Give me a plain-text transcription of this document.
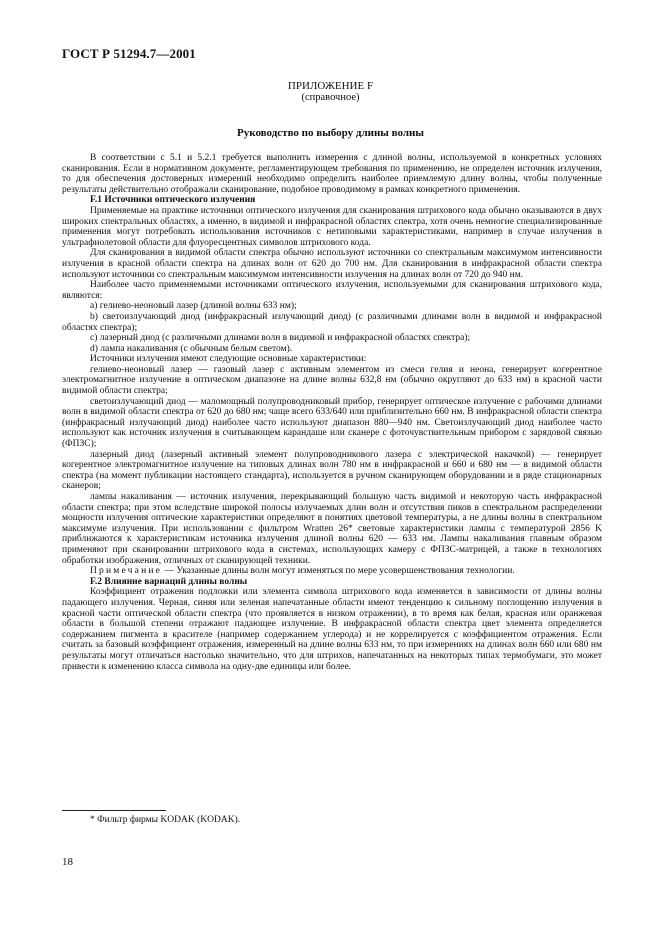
ГОСТ Р 51294.7—2001
ПРИЛОЖЕНИЕ F
(справочное)
Руководство по выбору длины волны

В соответствии с 5.1 и 5.2.1 требуется выполнить измерения с длиной волны, используемой в конкретных условиях сканирования. Если в нормативном документе, регламентирующем требования по применению, не определен источник излучения, то для обеспечения достоверных измерений необходимо определить наиболее приемлемую длину волны, чтобы полученные результаты действительно отображали сканирование, подобное проводимому в рамках конкретного применения.

F.1 Источники оптического излучения

Применяемые на практике источники оптического излучения для сканирования штрихового кода обычно оказываются в двух широких спектральных областях, а именно, в видимой и инфракрасной областях спектра, хотя очень немногие специализированные применения могут потребовать использования источников с нетиповыми характеристиками, например в случае излучения в ультрафиолетовой области для флуоресцентных символов штрихового кода.

Для сканирования в видимой области спектра обычно используют источники со спектральным максимумом интенсивности излучения в красной области спектра на длинах волн от 620 до 700 нм. Для сканирования в инфракрасной области спектра используют источники со спектральным максимумом интенсивности излучения на длинах волн от 720 до 940 нм.

Наиболее часто применяемыми источниками оптического излучения, используемыми для сканирования штрихового кода, являются:

a) гелиево-неоновый лазер (длиной волны 633 нм);

b) светоизлучающий диод (инфракрасный излучающий диод) (с различными длинами волн в видимой и инфракрасной областях спектра);

c) лазерный диод (с различными длинами волн в видимой и инфракрасной областях спектра);

d) лампа накаливания (с обычным белым светом).

Источники излучения имеют следующие основные характеристики:

гелиево-неоновый лазер — газовый лазер с активным элементом из смеси гелия и неона, генерирует когерентное электромагнитное излучение в оптическом диапазоне на длине волны 632,8 нм (обычно округляют до 633 нм) в красной части видимой области спектра;

светоизлучающий диод — маломощный полупроводниковый прибор, генерирует оптическое излучение с рабочими длинами волн в видимой области спектра от 620 до 680 нм; чаще всего 633/640 или приблизительно 660 нм. В инфракрасной области спектра (инфракрасный излучающий диод) наиболее часто используют диапазон 880—940 нм. Светоизлучающий диод наиболее часто используют как источник излучения в считывающем карандаше или сканере с фоточувствительным прибором с зарядовой связью (ФПЗС);

лазерный диод (лазерный активный элемент полупроводникового лазера с электрической накачкой) — генерирует когерентное электромагнитное излучение на типовых длинах волн 780 нм в инфракрасной и 660 и 680 нм — в видимой области спектра (на момент публикации настоящего стандарта), используется в ручном сканирующем оборудовании и в ряде стационарных сканеров;

лампы накаливания — источник излучения, перекрывающий большую часть видимой и некоторую часть инфракрасной области спектра; при этом вследствие широкой полосы излучаемых длин волн и отсутствия пиков в спектральном распределении мощности излучения оптические характеристики определяют в понятиях цветовой температуры, а не длины волны в спектральном максимуме излучения. При использовании с фильтром Wratten 26* световые характеристики лампы с температурой 2856 K приближаются к характеристикам источника излучения длиной волны 620 — 633 нм. Лампы накаливания главным образом применяют при сканировании штрихового кода в системах, использующих камеру с ФПЗС-матрицей, а также в технологиях обработки изображения, отличных от сканирующей техники.

Примечание — Указанные длины волн могут изменяться по мере усовершенствования технологии.

F.2 Влияние вариаций длины волны

Коэффициент отражения подложки или элемента символа штрихового кода изменяется в зависимости от длины волны падающего излучения. Черная, синяя или зеленая напечатанные области имеют тенденцию к сильному поглощению излучения в красной части оптической области спектра (что проявляется в низком отражении), в то время как белая, красная или оранжевая области в большой степени отражают падающее излучение. В инфракрасной области спектра цвет элемента определяется содержанием пигмента в красителе (например содержанием углерода) и не коррелируется с коэффициентом отражения. Если считать за базовый коэффициент отражения, измеренный на длине волны 633 нм, то при измерениях на длинах волн 660 или 680 нм результаты могут отличаться настолько значительно, что для штрихов, напечатанных на некоторых типах термобумаги, это может привести к изменению класса символа на одну-две единицы или более.

* Фильтр фирмы KODAK (KODAK).
18
